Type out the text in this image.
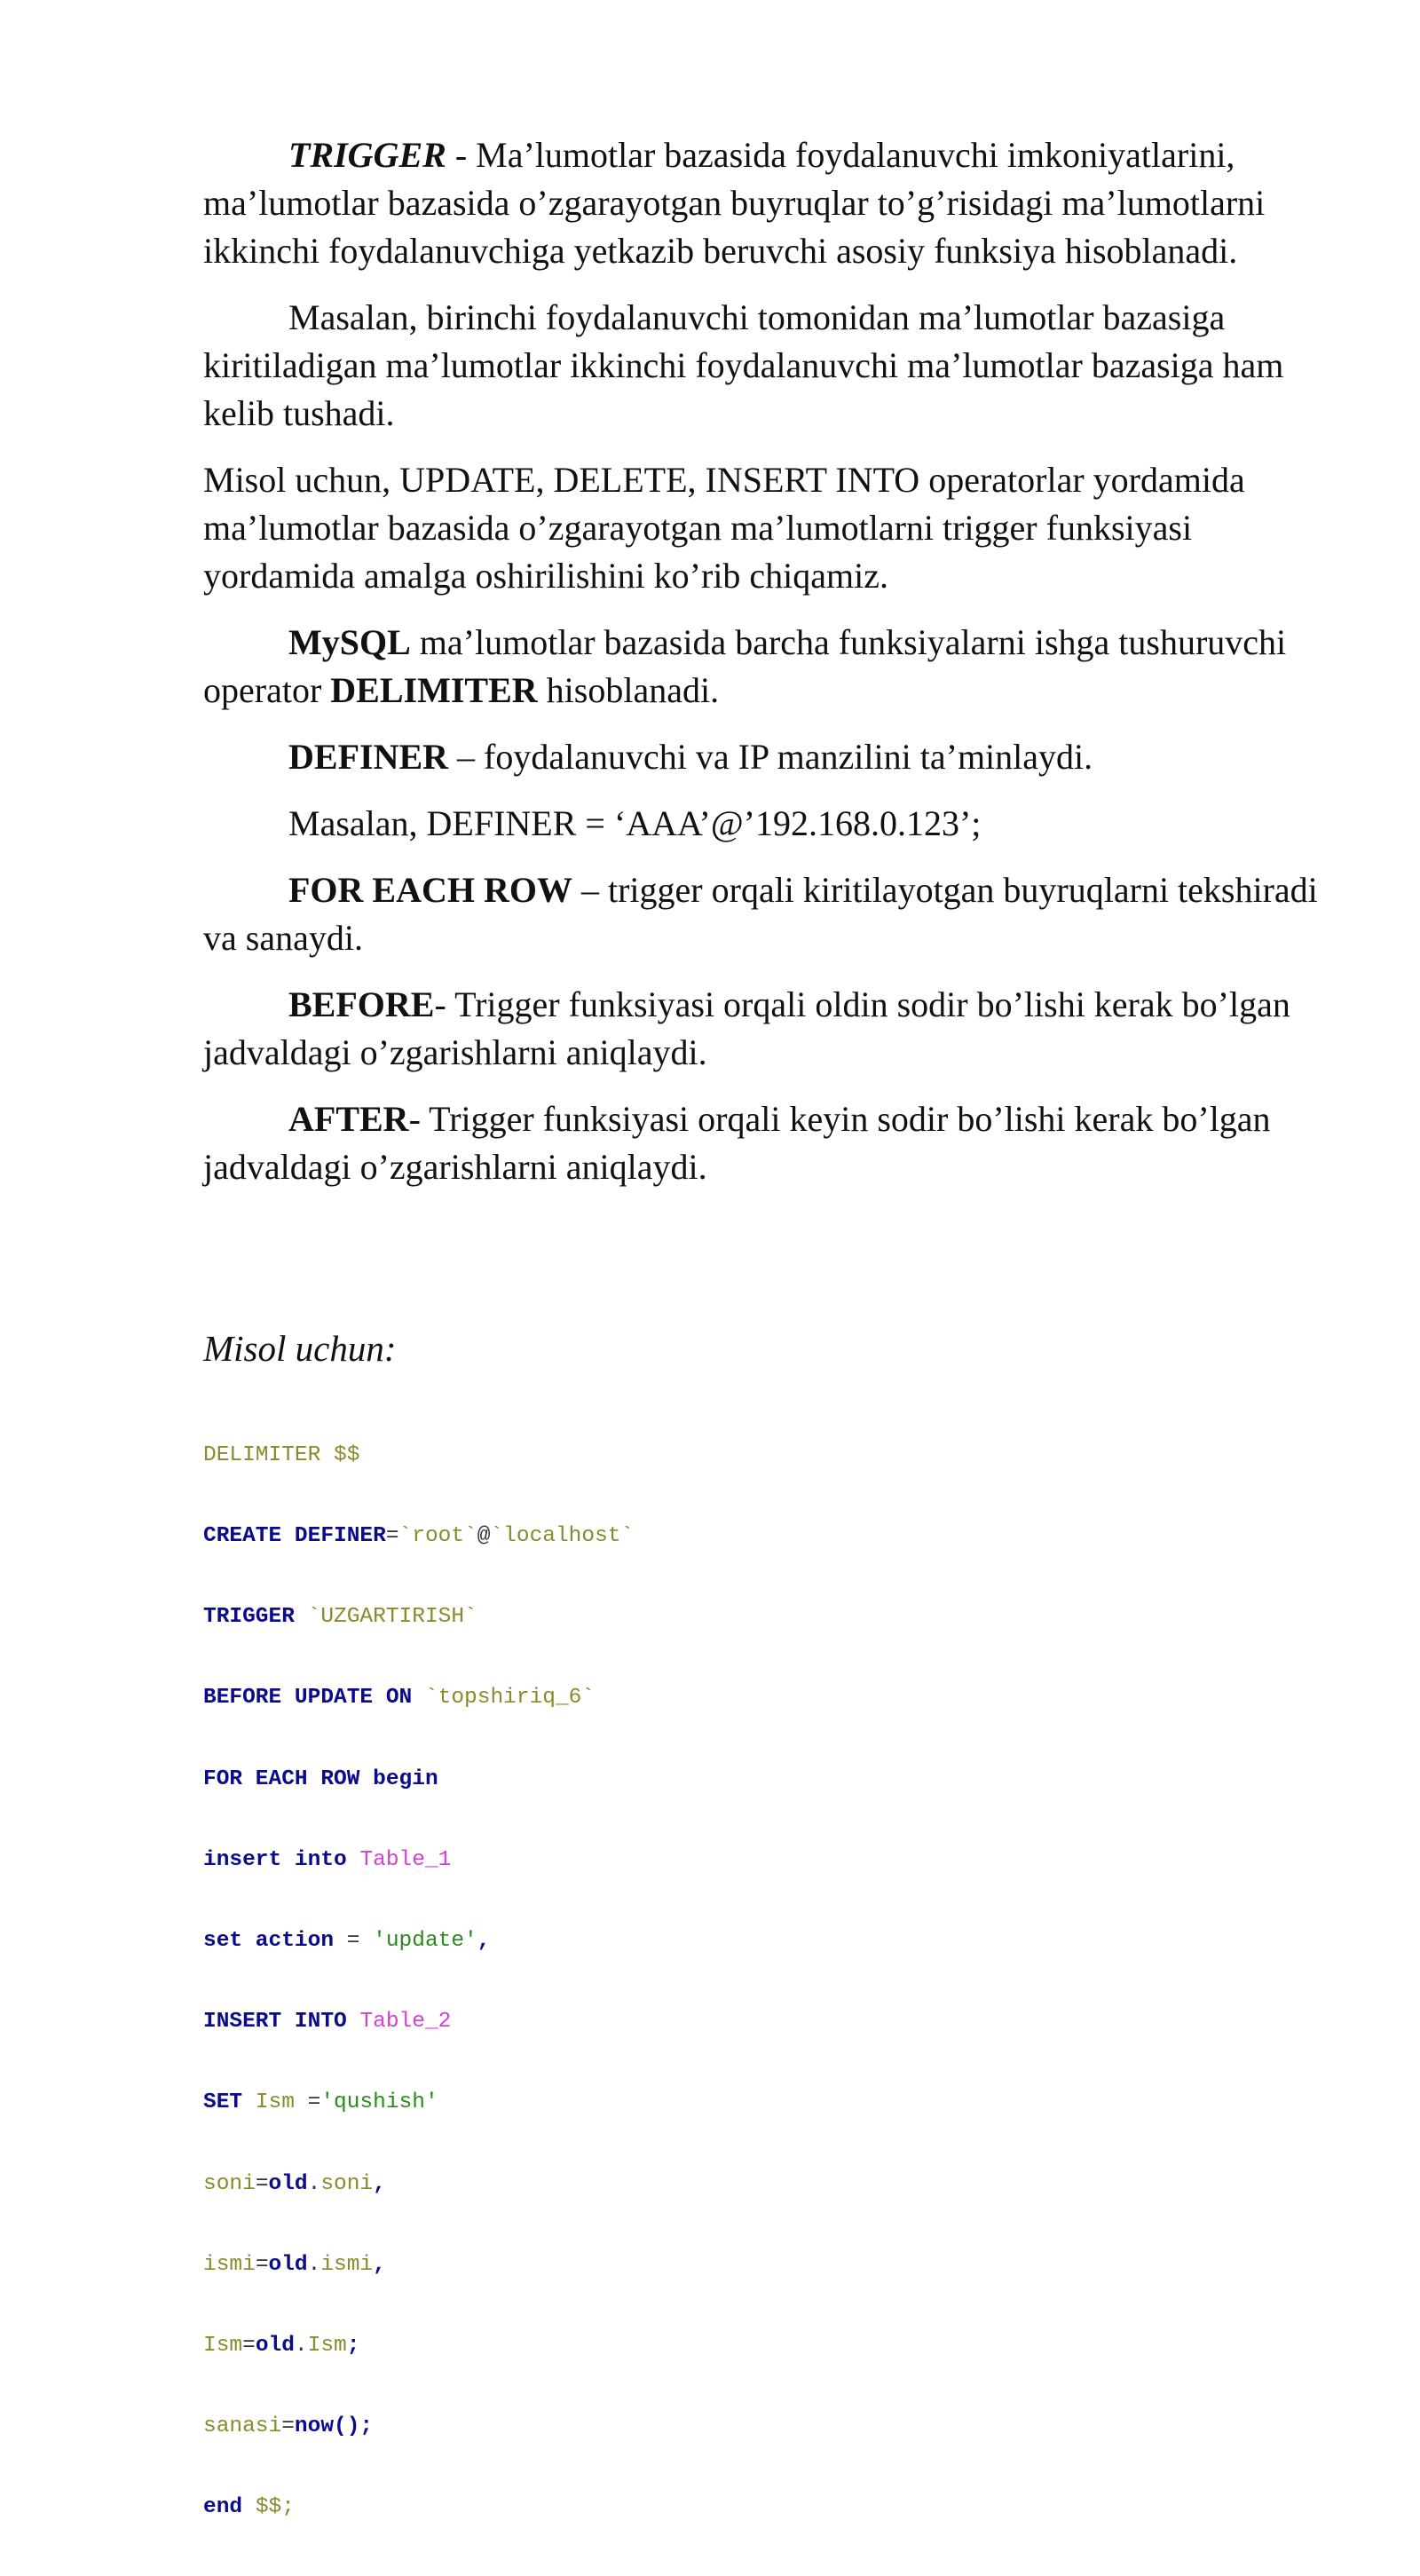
TRIGGER - Ma’lumotlar bazasida foydalanuvchi imkoniyatlarini, ma’lumotlar bazasida o’zgarayotgan buyruqlar to’g’risidagi ma’lumotlarni ikkinchi foydalanuvchiga yetkazib beruvchi asosiy funksiya hisoblanadi.

Masalan, birinchi foydalanuvchi tomonidan ma’lumotlar bazasiga kiritiladigan ma’lumotlar ikkinchi foydalanuvchi ma’lumotlar bazasiga ham kelib tushadi.

Misol uchun, UPDATE, DELETE, INSERT INTO operatorlar yordamida ma’lumotlar bazasida o’zgarayotgan ma’lumotlarni trigger funksiyasi yordamida amalga oshirilishini ko’rib chiqamiz.

MySQL ma’lumotlar bazasida barcha funksiyalarni ishga tushuruvchi operator DELIMITER hisoblanadi.

DEFINER – foydalanuvchi va IP manzilini ta’minlaydi.

Masalan, DEFINER = ‘AAA’@’192.168.0.123’;

FOR EACH ROW – trigger orqali kiritilayotgan buyruqlarni tekshiradi va sanaydi.

BEFORE- Trigger funksiyasi orqali oldin sodir bo’lishi kerak bo’lgan jadvaldagi o’zgarishlarni aniqlaydi.

AFTER- Trigger funksiyasi orqali keyin sodir bo’lishi kerak bo’lgan jadvaldagi o’zgarishlarni aniqlaydi.

Misol uchun:

DELIMITER $$

CREATE DEFINER=`root`@`localhost`

TRIGGER `UZGARTIRISH`

BEFORE UPDATE ON `topshiriq_6`

FOR EACH ROW begin

insert into Table_1

set action = 'update',

INSERT INTO Table_2

SET Ism ='qushish'

soni=old.soni,

ismi=old.ismi,

Ism=old.Ism;

sanasi=now();

end $$;
